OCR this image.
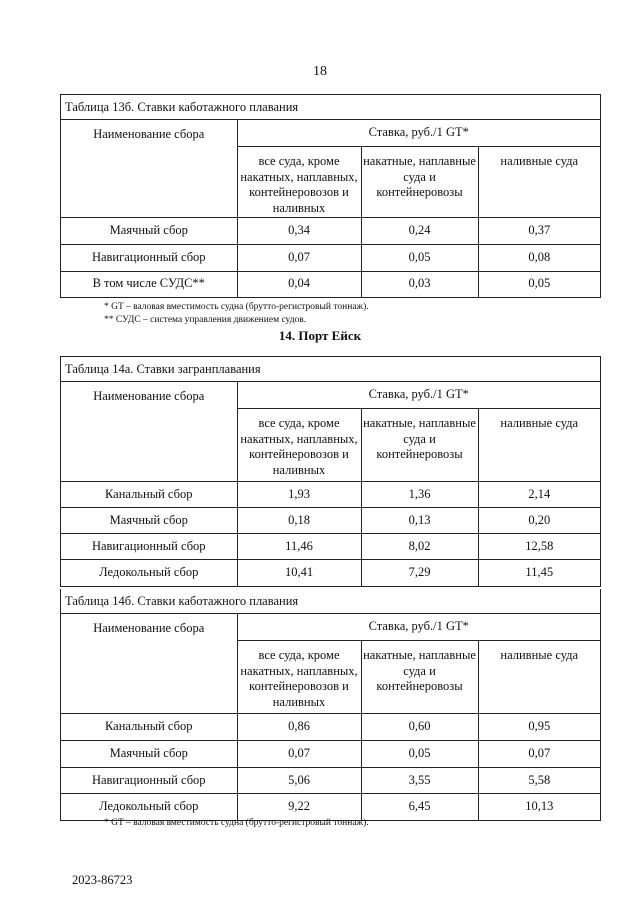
18
Таблица 13б. Ставки каботажного плавания
Наименование сбора	Ставка, руб./1 GT*		
	все суда, кроме накатных, наплавных, контейнеровозов и наливных	накатные, наплавные суда и контейнеровозы	наливные суда
Маячный сбор	0,34	0,24	0,37
Навигационный сбор	0,07	0,05	0,08
В том числе СУДС**	0,04	0,03	0,05
* GT – валовая вместимость судна (брутто-регистровый тоннаж).
** СУДС – система управления движением судов.
14. Порт Ейск
Таблица 14а. Ставки загранплавания
Наименование сбора	Ставка, руб./1 GT*		
	все суда, кроме накатных, наплавных, контейнеровозов и наливных	накатные, наплавные суда и контейнеровозы	наливные суда
Канальный сбор	1,93	1,36	2,14
Маячный сбор	0,18	0,13	0,20
Навигационный сбор	11,46	8,02	12,58
Ледокольный сбор	10,41	7,29	11,45
Таблица 14б. Ставки каботажного плавания
Наименование сбора	Ставка, руб./1 GT*		
	все суда, кроме накатных, наплавных, контейнеровозов и наливных	накатные, наплавные суда и контейнеровозы	наливные суда
Канальный сбор	0,86	0,60	0,95
Маячный сбор	0,07	0,05	0,07
Навигационный сбор	5,06	3,55	5,58
Ледокольный сбор	9,22	6,45	10,13
* GT – валовая вместимость судна (брутто-регистровый тоннаж).
2023-86723
